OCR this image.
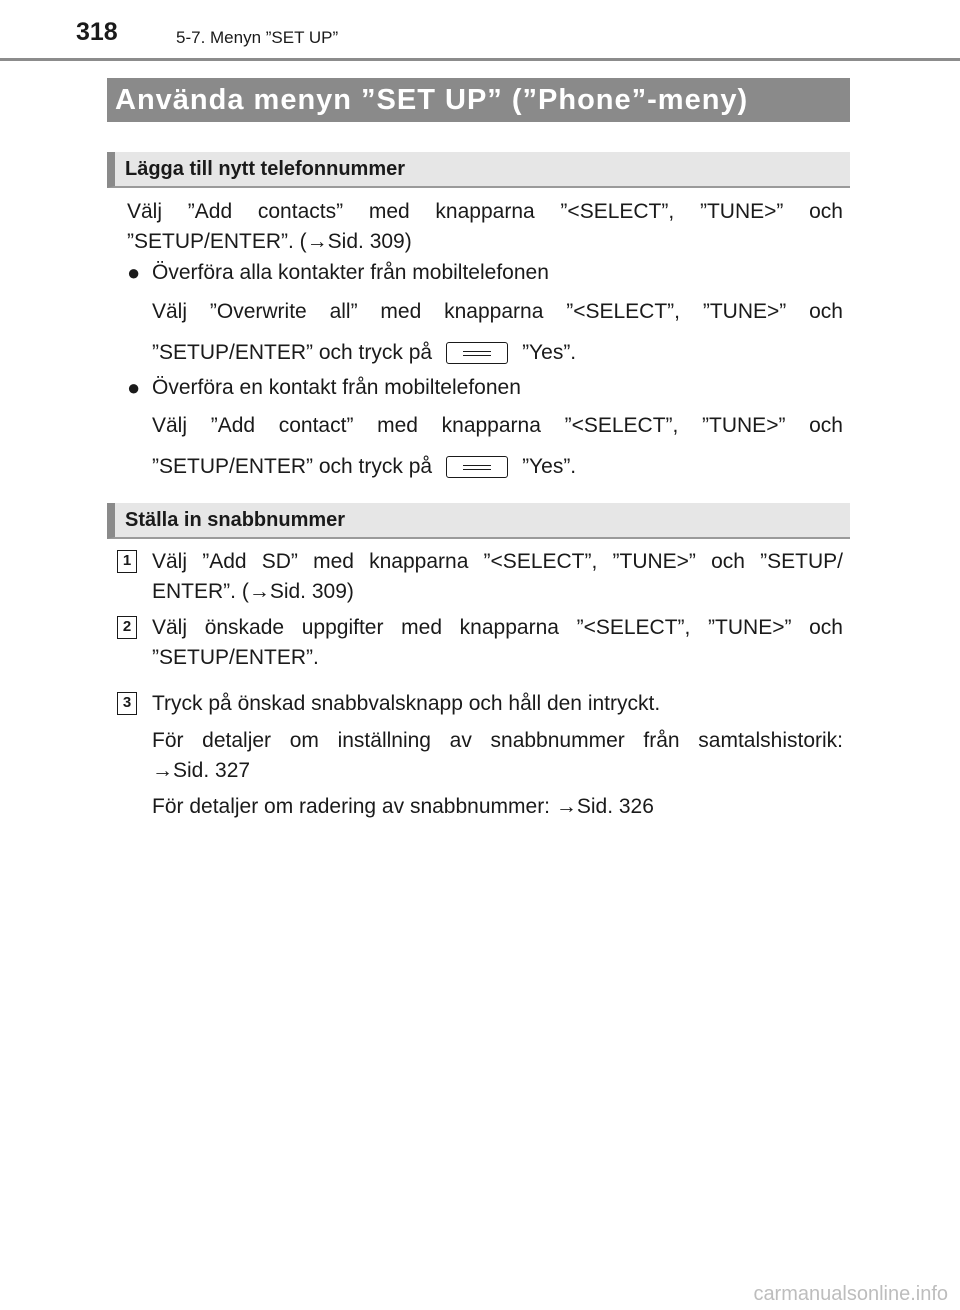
318	5-7. Menyn ”SET UP”
Använda menyn ”SET UP” (”Phone”-meny)
Lägga till nytt telefonnummer

Välj ”Add contacts” med knapparna ”<SELECT”, ”TUNE>” och

”SETUP/ENTER”. (→Sid. 309)

● Överföra alla kontakter från mobiltelefonen

Välj ”Overwrite all” med knapparna ”<SELECT”, ”TUNE>” och

”SETUP/ENTER” och tryck på	”Yes”.

● Överföra en kontakt från mobiltelefonen

Välj ”Add contact” med knapparna ”<SELECT”, ”TUNE>” och

”SETUP/ENTER” och tryck på	”Yes”.

Ställa in snabbnummer
1 Välj ”Add SD” med knapparna ”<SELECT”, ”TUNE>” och ”SETUP/

ENTER”. (→Sid. 309)

2 Välj önskade uppgifter med knapparna ”<SELECT”, ”TUNE>” och

”SETUP/ENTER”.

3 Tryck på önskad snabbvalsknapp och håll den intryckt.

För detaljer om inställning av snabbnummer från samtalshistorik:

→Sid. 327

För detaljer om radering av snabbnummer: →Sid. 326

carmanualsonline.info
